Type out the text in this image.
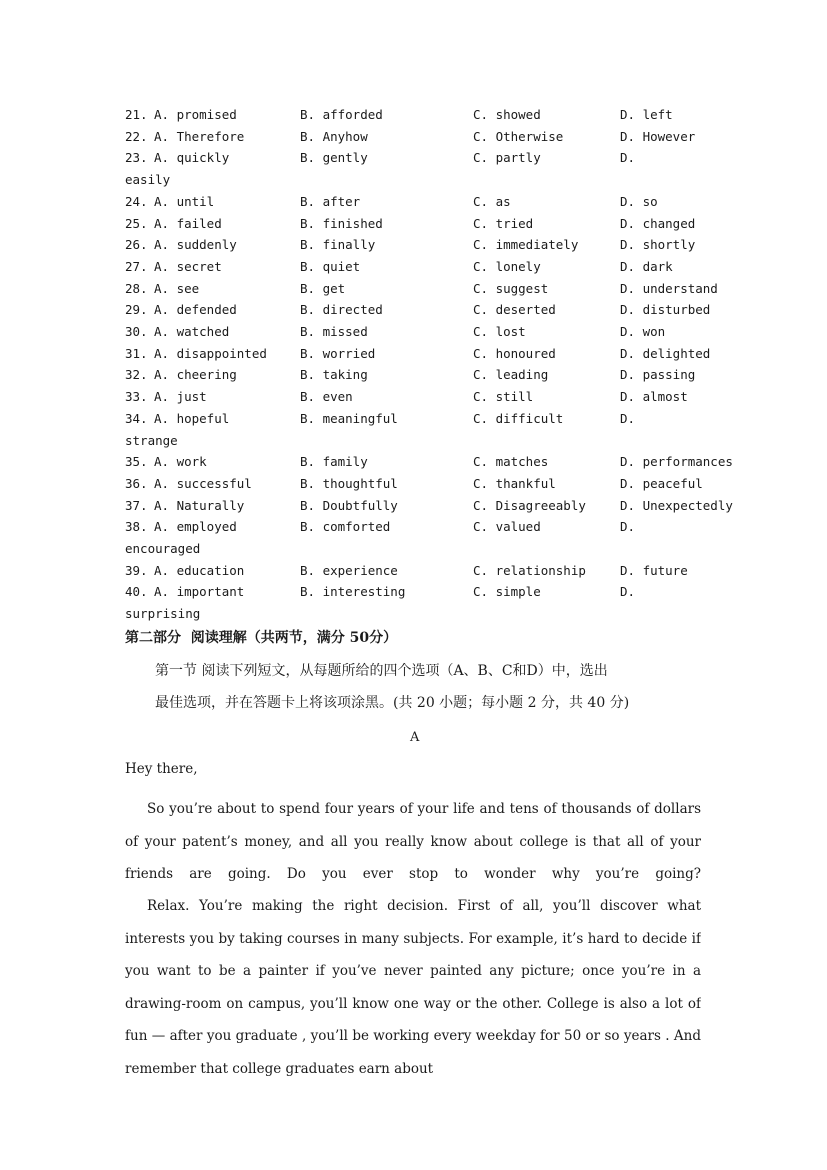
21. A. promised	B. afforded	C. showed	D. left
22. A. Therefore	B. Anyhow	C. Otherwise	D. However
23. A. quickly	B. gently	C. partly	D.
easily
24. A. until	B. after	C. as	D. so
25. A. failed	B. finished	C. tried	D. changed
26. A. suddenly	B. finally	C. immediately	D. shortly
27. A. secret	B. quiet	C. lonely	D. dark
28. A. see	B. get	C. suggest	D. understand
29. A. defended	B. directed	C. deserted	D. disturbed
30. A. watched	B. missed	C. lost	D. won
31. A. disappointed	B. worried	C. honoured	D. delighted
32. A. cheering	B. taking	C. leading	D. passing
33. A. just	B. even	C. still	D. almost
34. A. hopeful	B. meaningful	C. difficult	D.
strange
35. A. work	B. family	C. matches	D. performances
36. A. successful	B. thoughtful	C. thankful	D. peaceful
37. A. Naturally	B. Doubtfully	C. Disagreeably	D. Unexpectedly
38. A. employed	B. comforted	C. valued	D.
encouraged
39. A. education	B. experience	C. relationship	D. future
40. A. important	B. interesting	C. simple	D.
surprising
第二部分  阅读理解（共两节，满分 50分）
第一节 阅读下列短文，从每题所给的四个选项（A、B、C和D）中，选出
最佳选项，并在答题卡上将该项涂黑。(共 20 小题；每小题 2 分，共 40 分)
A
Hey there,
So you’re about to spend four years of your life and tens of thousands of dollars of your patent’s money, and all you really know about college is that all of your friends are going. Do you ever stop to wonder why you’re going?
Relax. You’re making the right decision. First of all, you’ll discover what interests you by taking courses in many subjects. For example, it’s hard to decide if you want to be a painter if you’ve never painted any picture; once you’re in a drawing-room on campus, you’ll know one way or the other. College is also a lot of fun — after you graduate , you’ll be working every weekday for 50 or so years . And remember that college graduates earn about
